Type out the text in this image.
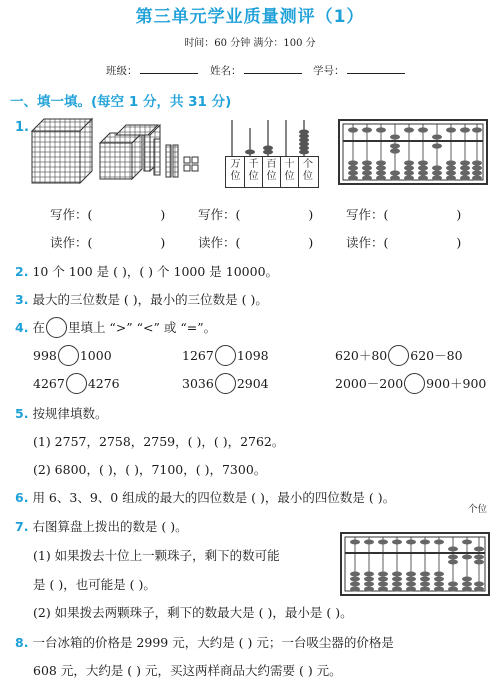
第三单元学业质量测评（1）
时间：60 分钟 满分：100 分
班级：	姓名：	学号：
一、填一填。(每空 1 分，共 31 分)
1.
万位千位百位十位个位
写作：(	)	写作：(	)	写作：(	)
读作：(	)	读作：(	)	读作：(	)
2. 10 个 100 是 ( )，( ) 个 1000 是 10000。
3. 最大的三位数是 ( )，最小的三位数是 ( )。
4. 在 里填上 “>” “<” 或 “=”。
998 1000	1267 1098	620＋80 620－80
4267 4276	3036 2904	2000－200 900＋900
5. 按规律填数。
(1) 2757，2758，2759，( )，( )，2762。
(2) 6800，( )，( )，7100，( )，7300。
6. 用 6、3、9、0 组成的最大的四位数是 ( )，最小的四位数是 ( )。
7. 右图算盘上拨出的数是 ( )。
(1) 如果拨去十位上一颗珠子，剩下的数可能
是 ( )，也可能是 ( )。
(2) 如果拨去两颗珠子，剩下的数最大是 ( )，最小是 ( )。
个位
8. 一台冰箱的价格是 2999 元，大约是 ( ) 元；一台吸尘器的价格是
608 元，大约是 ( ) 元，买这两样商品大约需要 ( ) 元。
